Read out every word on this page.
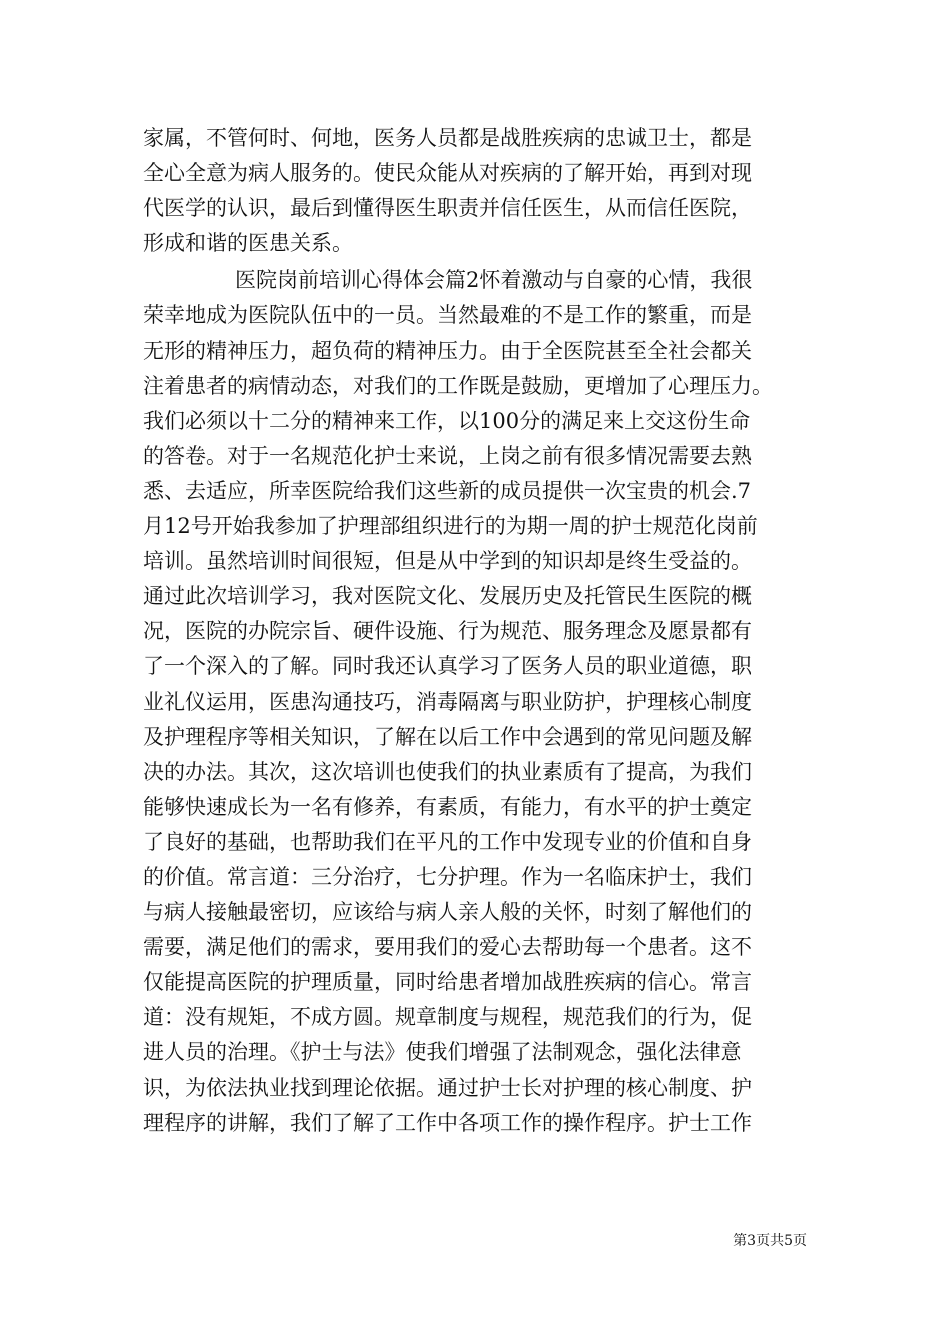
家属，不管何时、何地，医务人员都是战胜疾病的忠诚卫士，都是
全心全意为病人服务的。使民众能从对疾病的了解开始，再到对现
代医学的认识，最后到懂得医生职责并信任医生，从而信任医院，
形成和谐的医患关系。
医院岗前培训心得体会篇2怀着激动与自豪的心情，我很
荣幸地成为医院队伍中的一员。当然最难的不是工作的繁重，而是
无形的精神压力，超负荷的精神压力。由于全医院甚至全社会都关
注着患者的病情动态，对我们的工作既是鼓励，更增加了心理压力。
我们必须以十二分的精神来工作，以100分的满足来上交这份生命
的答卷。对于一名规范化护士来说，上岗之前有很多情况需要去熟
悉、去适应，所幸医院给我们这些新的成员提供一次宝贵的机会.7
月12号开始我参加了护理部组织进行的为期一周的护士规范化岗前
培训。虽然培训时间很短，但是从中学到的知识却是终生受益的。
通过此次培训学习，我对医院文化、发展历史及托管民生医院的概
况，医院的办院宗旨、硬件设施、行为规范、服务理念及愿景都有
了一个深入的了解。同时我还认真学习了医务人员的职业道德，职
业礼仪运用，医患沟通技巧，消毒隔离与职业防护，护理核心制度
及护理程序等相关知识，了解在以后工作中会遇到的常见问题及解
决的办法。其次，这次培训也使我们的执业素质有了提高，为我们
能够快速成长为一名有修养，有素质，有能力，有水平的护士奠定
了良好的基础，也帮助我们在平凡的工作中发现专业的价值和自身
的价值。常言道：三分治疗，七分护理。作为一名临床护士，我们
与病人接触最密切，应该给与病人亲人般的关怀，时刻了解他们的
需要，满足他们的需求，要用我们的爱心去帮助每一个患者。这不
仅能提高医院的护理质量，同时给患者增加战胜疾病的信心。常言
道：没有规矩，不成方圆。规章制度与规程，规范我们的行为，促
进人员的治理。《护士与法》使我们增强了法制观念，强化法律意
识，为依法执业找到理论依据。通过护士长对护理的核心制度、护
理程序的讲解，我们了解了工作中各项工作的操作程序。护士工作
第3页共5页
